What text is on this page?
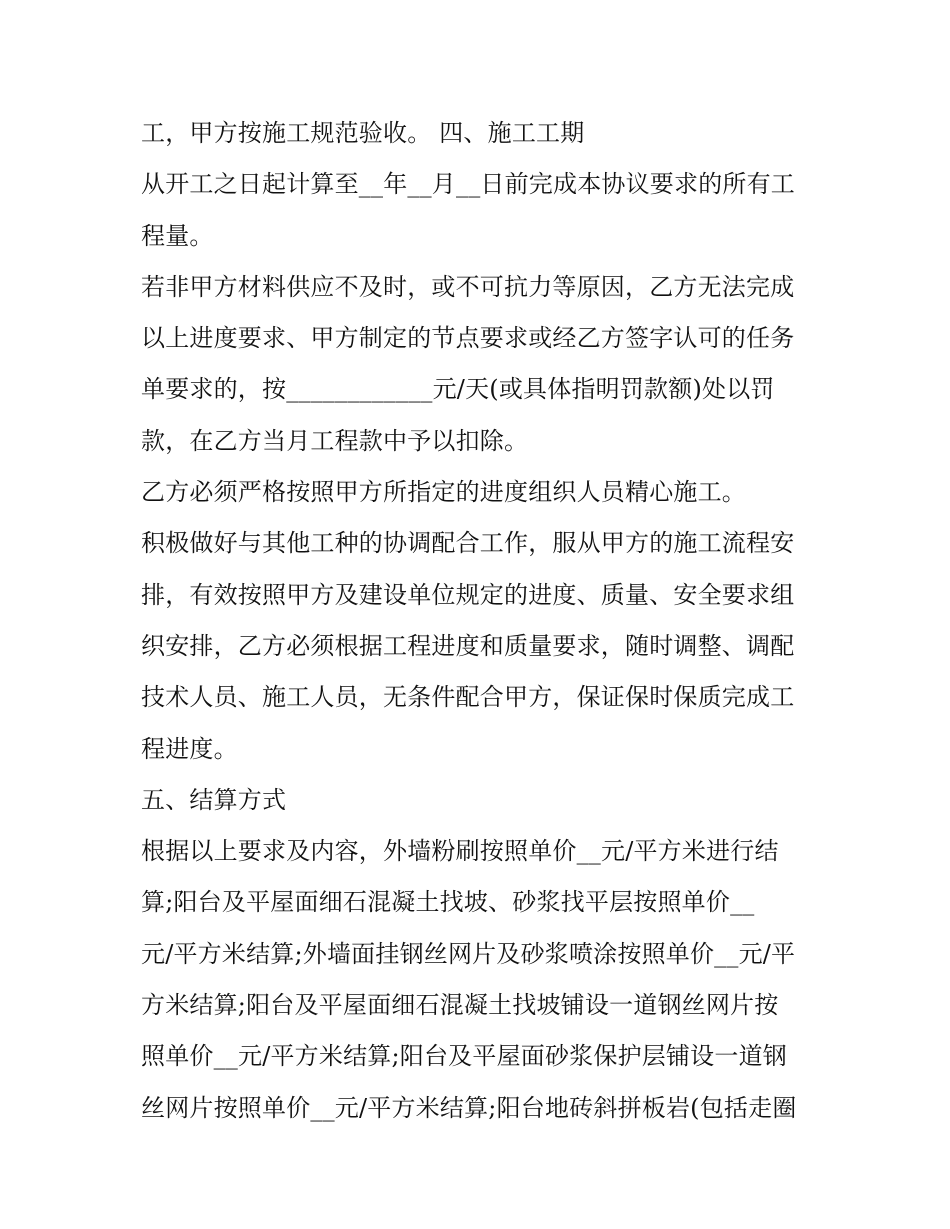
工，甲方按施工规范验收。 四、施工工期
从开工之日起计算至__年__月__日前完成本协议要求的所有工
程量。
若非甲方材料供应不及时，或不可抗力等原因，乙方无法完成
以上进度要求、甲方制定的节点要求或经乙方签字认可的任务
单要求的，按____________元/天(或具体指明罚款额)处以罚
款，在乙方当月工程款中予以扣除。
乙方必须严格按照甲方所指定的进度组织人员精心施工。
积极做好与其他工种的协调配合工作，服从甲方的施工流程安
排，有效按照甲方及建设单位规定的进度、质量、安全要求组
织安排，乙方必须根据工程进度和质量要求，随时调整、调配
技术人员、施工人员，无条件配合甲方，保证保时保质完成工
程进度。
五、结算方式
根据以上要求及内容，外墙粉刷按照单价__元/平方米进行结
算;阳台及平屋面细石混凝土找坡、砂浆找平层按照单价__
元/平方米结算;外墙面挂钢丝网片及砂浆喷涂按照单价__元/平
方米结算;阳台及平屋面细石混凝土找坡铺设一道钢丝网片按
照单价__元/平方米结算;阳台及平屋面砂浆保护层铺设一道钢
丝网片按照单价__元/平方米结算;阳台地砖斜拼板岩(包括走圈
